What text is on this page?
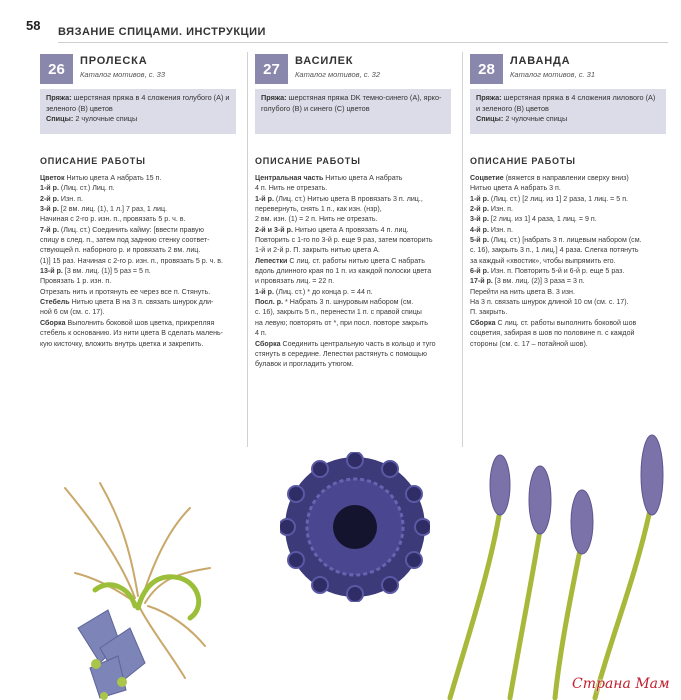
58 ВЯЗАНИЕ СПИЦАМИ. ИНСТРУКЦИИ
26	ПРОЛЕСКА
Каталог мотивов, с. 33
Пряжа: шерстяная пряжа в 4 сложения голубого (А) и зеленого (В) цветов
Спицы: 2 чулочные спицы
ОПИСАНИЕ РАБОТЫ

Цветок Нитью цвета А набрать 15 п.

1-й р. (Лиц. ст.) Лиц. п.

2-й р. Изн. п.

3-й р. [2 вм. лиц. (1), 1 л.] 7 раз, 1 лиц.

Начиная с 2-го р. изн. п., провязать 5 р. ч. в.

7-й р. (Лиц. ст.) Соединить кайму: [ввести правую

спицу в след. п., затем под заднюю стенку соответ-

ствующей п. наборного р. и провязать 2 вм. лиц.

(1)] 15 раз. Начиная с 2-го р. изн. п., провязать 5 р. ч. в.

13-й р. [3 вм. лиц. (1)] 5 раз = 5 п.

Провязать 1 р. изн. п.

Отрезать нить и протянуть ее через все п. Стянуть.

Стебель Нитью цвета В на 3 п. связать шнурок дли-

ной 6 см (см. с. 17).

Сборка Выполнить боковой шов цветка, прикрепляя

стебель к основанию. Из нити цвета В сделать малень-

кую кисточку, вложить внутрь цветка и закрепить.

27	ВАСИЛЕК
Каталог мотивов, с. 32
Пряжа: шерстяная пряжа DK темно-синего (А), ярко-голубого (В) и синего (С) цветов
ОПИСАНИЕ РАБОТЫ

Центральная часть Нитью цвета А набрать

4 п. Нить не отрезать.

1-й р. (Лиц. ст.) Нитью цвета В провязать 3 п. лиц.,

перевернуть, снять 1 п., как изн. (нзр),

2 вм. изн. (1) = 2 п. Нить не отрезать.

2-й и 3-й р. Нитью цвета А провязать 4 п. лиц.

Повторить с 1-го по 3-й р. еще 9 раз, затем повторить

1-й и 2-й р. П. закрыть нитью цвета А.

Лепестки С лиц. ст. работы нитью цвета С набрать

вдоль длинного края по 1 п. из каждой полоски цвета

и провязать лиц. = 22 п.

1-й р. (Лиц. ст.) * до конца р. = 44 п.

Посл. р. * Набрать 3 п. шнуровым набором (см.

с. 16), закрыть 5 п., перенести 1 п. с правой спицы

на левую; повторять от *, при посл. повторе закрыть

4 п.

Сборка Соединить центральную часть в кольцо и туго

стянуть в середине. Лепестки растянуть с помощью

булавок и прогладить утюгом.

28	ЛАВАНДА
Каталог мотивов, с. 31
Пряжа: шерстяная пряжа в 4 сложения лилового (А) и зеленого (В) цветов
Спицы: 2 чулочные спицы
ОПИСАНИЕ РАБОТЫ

Соцветие (вяжется в направлении сверху вниз)

Нитью цвета А набрать 3 п.

1-й р. (Лиц. ст.) [2 лиц. из 1] 2 раза, 1 лиц. = 5 п.

2-й р. Изн. п.

3-й р. [2 лиц. из 1] 4 раза, 1 лиц. = 9 п.

4-й р. Изн. п.

5-й р. (Лиц. ст.) [набрать 3 п. лицевым набором (см.

с. 16), закрыть 3 п., 1 лиц.] 4 раза. Слегка потянуть

за каждый «хвостик», чтобы выпрямить его.

6-й р. Изн. п. Повторить 5-й и 6-й р. еще 5 раз.

17-й р. [3 вм. лиц. (2)] 3 раза = 3 п.

Перейти на нить цвета В. 3 изн.

На 3 п. связать шнурок длиной 10 см (см. с. 17).

П. закрыть.

Сборка С лиц. ст. работы выполнить боковой шов

соцветия, забирая в шов по половине п. с каждой

стороны (см. с. 17 – потайной шов).

Страна Мам
